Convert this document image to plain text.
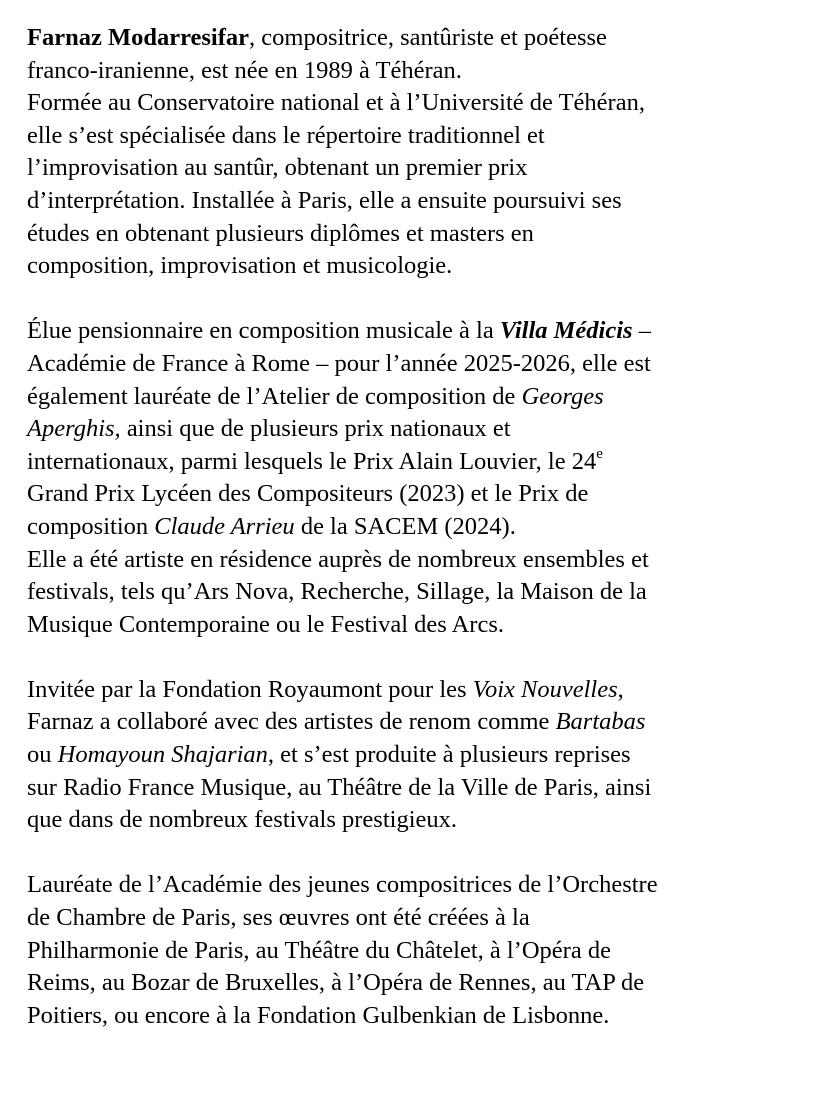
Farnaz Modarresifar, compositrice, santûriste et poétesse
franco-iranienne, est née en 1989 à Téhéran.
Formée au Conservatoire national et à l’Université de Téhéran,
elle s’est spécialisée dans le répertoire traditionnel et
l’improvisation au santûr, obtenant un premier prix
d’interprétation. Installée à Paris, elle a ensuite poursuivi ses
études en obtenant plusieurs diplômes et masters en
composition, improvisation et musicologie.

Élue pensionnaire en composition musicale à la Villa Médicis –
Académie de France à Rome – pour l’année 2025-2026, elle est
également lauréate de l’Atelier de composition de Georges
Aperghis, ainsi que de plusieurs prix nationaux et
internationaux, parmi lesquels le Prix Alain Louvier, le 24e
Grand Prix Lycéen des Compositeurs (2023) et le Prix de
composition Claude Arrieu de la SACEM (2024).
Elle a été artiste en résidence auprès de nombreux ensembles et
festivals, tels qu’Ars Nova, Recherche, Sillage, la Maison de la
Musique Contemporaine ou le Festival des Arcs.

Invitée par la Fondation Royaumont pour les Voix Nouvelles,
Farnaz a collaboré avec des artistes de renom comme Bartabas
ou Homayoun Shajarian, et s’est produite à plusieurs reprises
sur Radio France Musique, au Théâtre de la Ville de Paris, ainsi
que dans de nombreux festivals prestigieux.

Lauréate de l’Académie des jeunes compositrices de l’Orchestre
de Chambre de Paris, ses œuvres ont été créées à la
Philharmonie de Paris, au Théâtre du Châtelet, à l’Opéra de
Reims, au Bozar de Bruxelles, à l’Opéra de Rennes, au TAP de
Poitiers, ou encore à la Fondation Gulbenkian de Lisbonne.
